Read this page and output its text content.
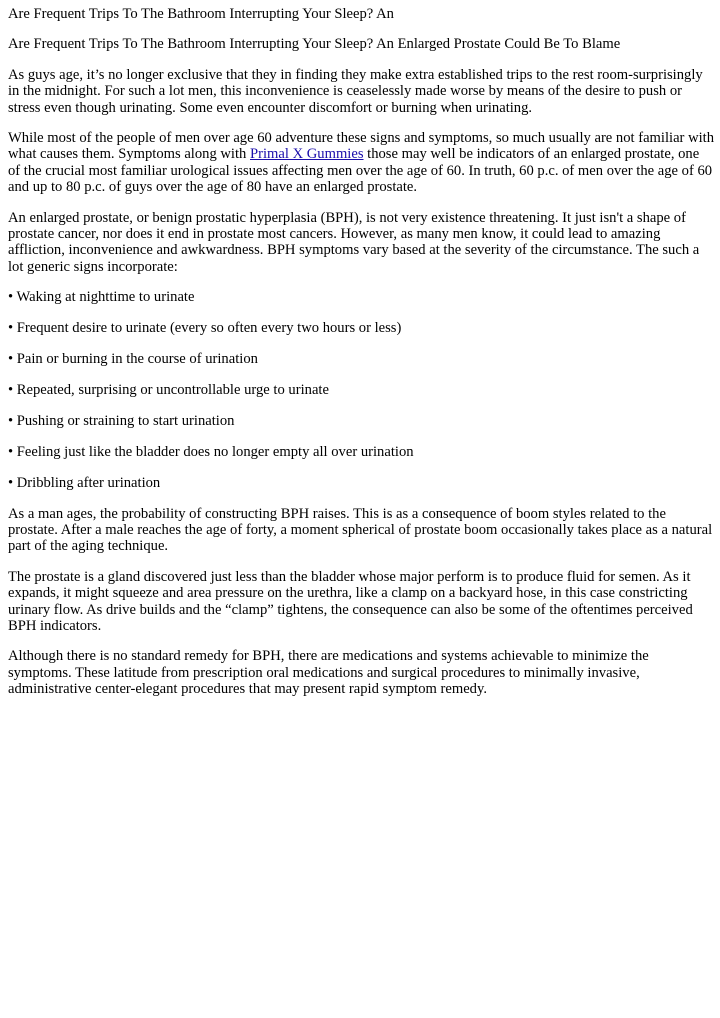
Are Frequent Trips To The Bathroom Interrupting Your Sleep? An

Are Frequent Trips To The Bathroom Interrupting Your Sleep? An Enlarged Prostate Could Be To Blame

As guys age, it’s no longer exclusive that they in finding they make extra established trips to the rest room-surprisingly in the midnight. For such a lot men, this inconvenience is ceaselessly made worse by means of the desire to push or stress even though urinating. Some even encounter discomfort or burning when urinating.

While most of the people of men over age 60 adventure these signs and symptoms, so much usually are not familiar with what causes them. Symptoms along with Primal X Gummies those may well be indicators of an enlarged prostate, one of the crucial most familiar urological issues affecting men over the age of 60. In truth, 60 p.c. of men over the age of 60 and up to 80 p.c. of guys over the age of 80 have an enlarged prostate.

An enlarged prostate, or benign prostatic hyperplasia (BPH), is not very existence threatening. It just isn't a shape of prostate cancer, nor does it end in prostate most cancers. However, as many men know, it could lead to amazing affliction, inconvenience and awkwardness. BPH symptoms vary based at the severity of the circumstance. The such a lot generic signs incorporate:

• Waking at nighttime to urinate

• Frequent desire to urinate (every so often every two hours or less)

• Pain or burning in the course of urination

• Repeated, surprising or uncontrollable urge to urinate

• Pushing or straining to start urination

• Feeling just like the bladder does no longer empty all over urination

• Dribbling after urination

As a man ages, the probability of constructing BPH raises. This is as a consequence of boom styles related to the prostate. After a male reaches the age of forty, a moment spherical of prostate boom occasionally takes place as a natural part of the aging technique.

The prostate is a gland discovered just less than the bladder whose major perform is to produce fluid for semen. As it expands, it might squeeze and area pressure on the urethra, like a clamp on a backyard hose, in this case constricting urinary flow. As drive builds and the “clamp” tightens, the consequence can also be some of the oftentimes perceived BPH indicators.

Although there is no standard remedy for BPH, there are medications and systems achievable to minimize the symptoms. These latitude from prescription oral medications and surgical procedures to minimally invasive, administrative center-elegant procedures that may present rapid symptom remedy.
